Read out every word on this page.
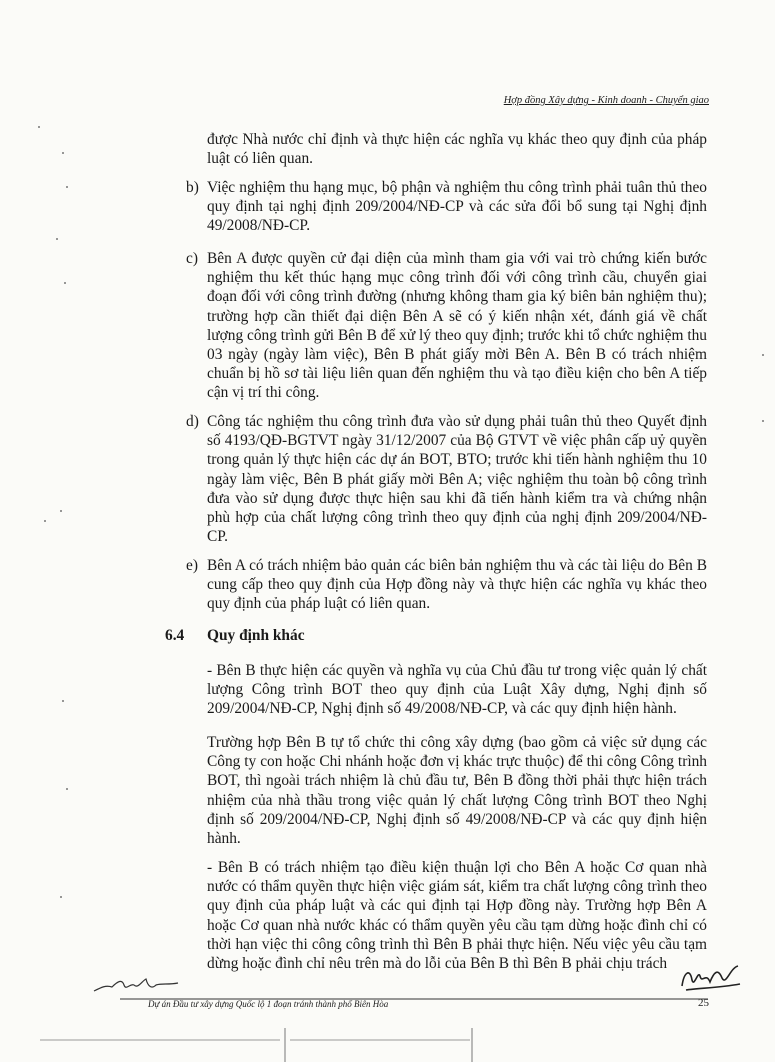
Hợp đồng Xây dựng - Kinh doanh - Chuyển giao
được Nhà nước chỉ định và thực hiện các nghĩa vụ khác theo quy định của pháp luật có liên quan.
b) Việc nghiệm thu hạng mục, bộ phận và nghiệm thu công trình phải tuân thủ theo quy định tại nghị định 209/2004/NĐ-CP và các sửa đổi bổ sung tại Nghị định 49/2008/NĐ-CP.
c) Bên A được quyền cử đại diện của mình tham gia với vai trò chứng kiến bước nghiệm thu kết thúc hạng mục công trình đối với công trình cầu, chuyển giai đoạn đối với công trình đường (nhưng không tham gia ký biên bản nghiệm thu); trường hợp cần thiết đại diện Bên A sẽ có ý kiến nhận xét, đánh giá về chất lượng công trình gửi Bên B để xử lý theo quy định; trước khi tổ chức nghiệm thu 03 ngày (ngày làm việc), Bên B phát giấy mời Bên A. Bên B có trách nhiệm chuẩn bị hồ sơ tài liệu liên quan đến nghiệm thu và tạo điều kiện cho bên A tiếp cận vị trí thi công.
d) Công tác nghiệm thu công trình đưa vào sử dụng phải tuân thủ theo Quyết định số 4193/QĐ-BGTVT ngày 31/12/2007 của Bộ GTVT về việc phân cấp uỷ quyền trong quản lý thực hiện các dự án BOT, BTO; trước khi tiến hành nghiệm thu 10 ngày làm việc, Bên B phát giấy mời Bên A; việc nghiệm thu toàn bộ công trình đưa vào sử dụng được thực hiện sau khi đã tiến hành kiểm tra và chứng nhận phù hợp của chất lượng công trình theo quy định của nghị định 209/2004/NĐ-CP.
e) Bên A có trách nhiệm bảo quản các biên bản nghiệm thu và các tài liệu do Bên B cung cấp theo quy định của Hợp đồng này và thực hiện các nghĩa vụ khác theo quy định của pháp luật có liên quan.
6.4 Quy định khác
- Bên B thực hiện các quyền và nghĩa vụ của Chủ đầu tư trong việc quản lý chất lượng Công trình BOT theo quy định của Luật Xây dựng, Nghị định số 209/2004/NĐ-CP, Nghị định số 49/2008/NĐ-CP, và các quy định hiện hành.
Trường hợp Bên B tự tổ chức thi công xây dựng (bao gồm cả việc sử dụng các Công ty con hoặc Chi nhánh hoặc đơn vị khác trực thuộc) để thi công Công trình BOT, thì ngoài trách nhiệm là chủ đầu tư, Bên B đồng thời phải thực hiện trách nhiệm của nhà thầu trong việc quản lý chất lượng Công trình BOT theo Nghị định số 209/2004/NĐ-CP, Nghị định số 49/2008/NĐ-CP và các quy định hiện hành.
- Bên B có trách nhiệm tạo điều kiện thuận lợi cho Bên A hoặc Cơ quan nhà nước có thẩm quyền thực hiện việc giám sát, kiểm tra chất lượng công trình theo quy định của pháp luật và các qui định tại Hợp đồng này. Trường hợp Bên A hoặc Cơ quan nhà nước khác có thẩm quyền yêu cầu tạm dừng hoặc đình chỉ có thời hạn việc thi công công trình thì Bên B phải thực hiện. Nếu việc yêu cầu tạm dừng hoặc đình chỉ nêu trên mà do lỗi của Bên B thì Bên B phải chịu trách
Dự án Đầu tư xây dựng Quốc lộ 1 đoạn tránh thành phố Biên Hòa	25
